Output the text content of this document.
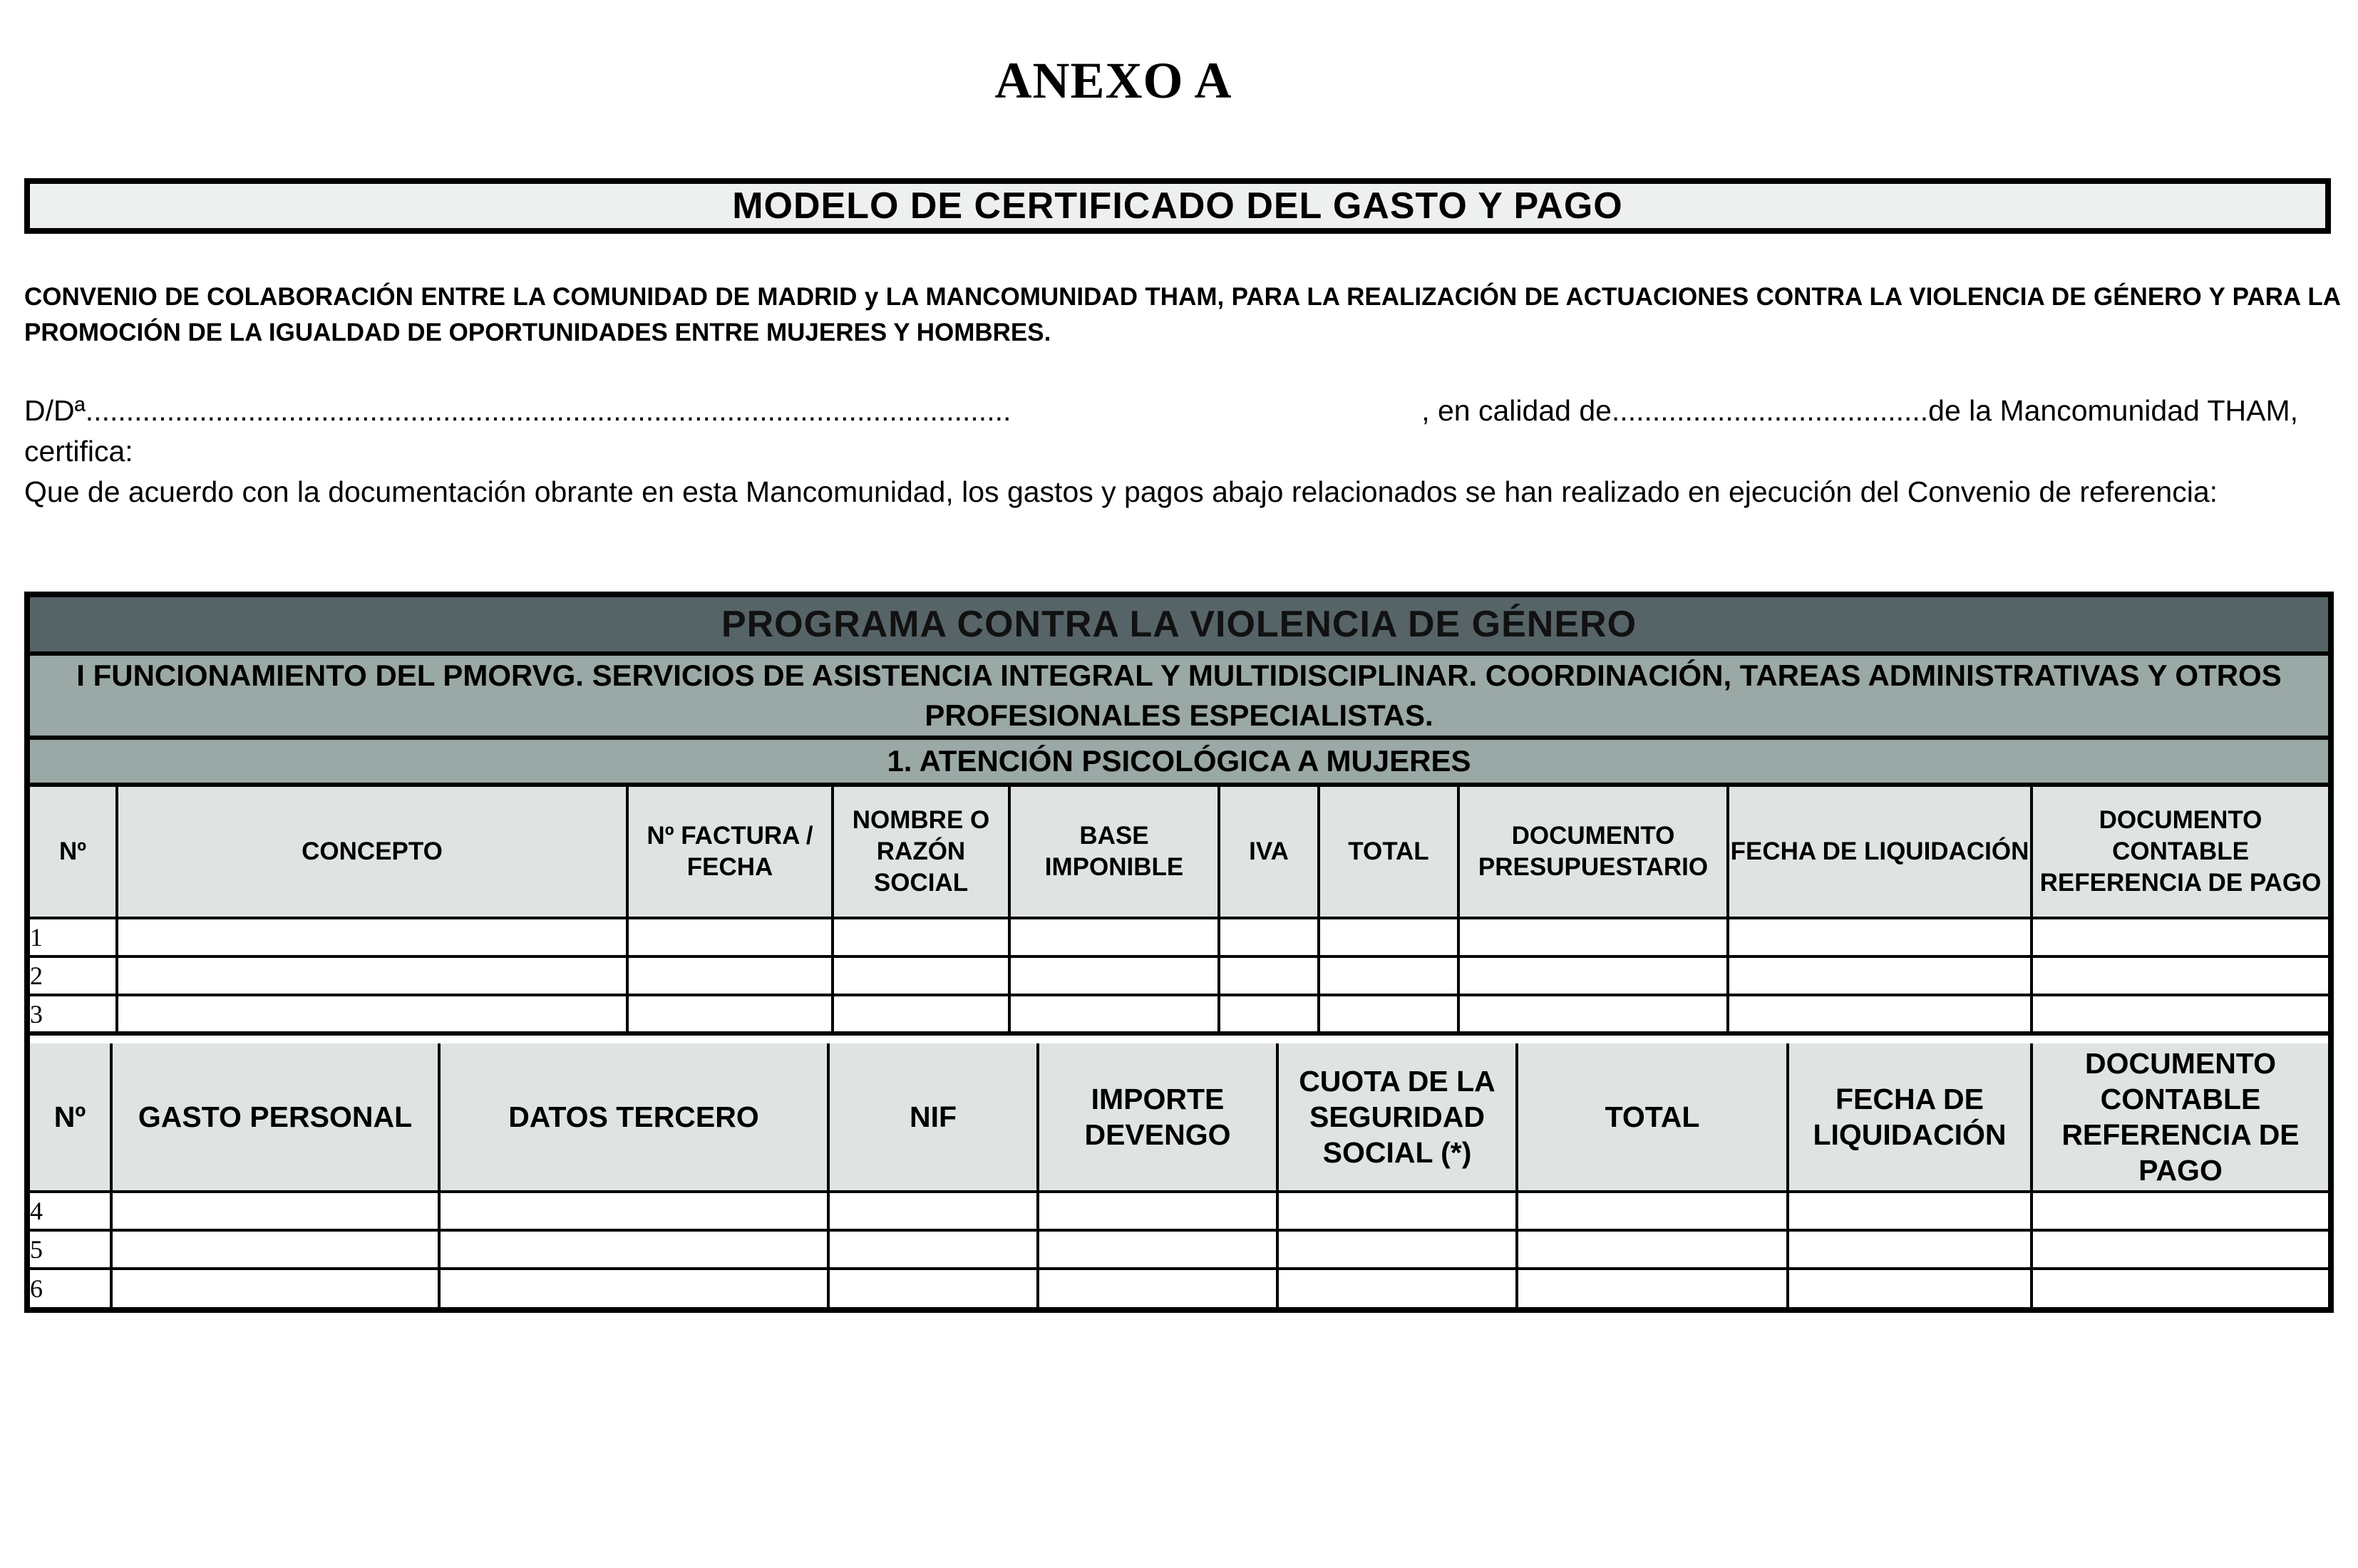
ANEXO A
MODELO DE CERTIFICADO DEL GASTO Y PAGO
CONVENIO DE COLABORACIÓN ENTRE LA COMUNIDAD DE MADRID y LA MANCOMUNIDAD THAM, PARA LA REALIZACIÓN DE ACTUACIONES CONTRA LA VIOLENCIA DE GÉNERO Y PARA LA PROMOCIÓN DE LA IGUALDAD DE OPORTUNIDADES ENTRE MUJERES Y HOMBRES.
D/Dª..................................................................................................................	, en calidad de.......................................de la Mancomunidad THAM,

certifica:

Que de acuerdo con la documentación obrante en esta Mancomunidad, los gastos y pagos abajo relacionados se han realizado en ejecución del Convenio de referencia:

PROGRAMA CONTRA LA VIOLENCIA DE GÉNERO
I FUNCIONAMIENTO DEL PMORVG. SERVICIOS DE ASISTENCIA INTEGRAL Y MULTIDISCIPLINAR. COORDINACIÓN, TAREAS ADMINISTRATIVAS Y OTROS PROFESIONALES ESPECIALISTAS.
1. ATENCIÓN PSICOLÓGICA A MUJERES
Nº	CONCEPTO	Nº FACTURA / FECHA	NOMBRE O RAZÓN SOCIAL	BASE IMPONIBLE	IVA	TOTAL	DOCUMENTO PRESUPUESTARIO	FECHA DE LIQUIDACIÓN	DOCUMENTO CONTABLE REFERENCIA DE PAGO
1									
2									
3									
Nº	GASTO PERSONAL	DATOS TERCERO	NIF	IMPORTE DEVENGO	CUOTA DE LA SEGURIDAD SOCIAL (*)	TOTAL	FECHA DE LIQUIDACIÓN	DOCUMENTO CONTABLE REFERENCIA DE PAGO
4								
5								
6								
